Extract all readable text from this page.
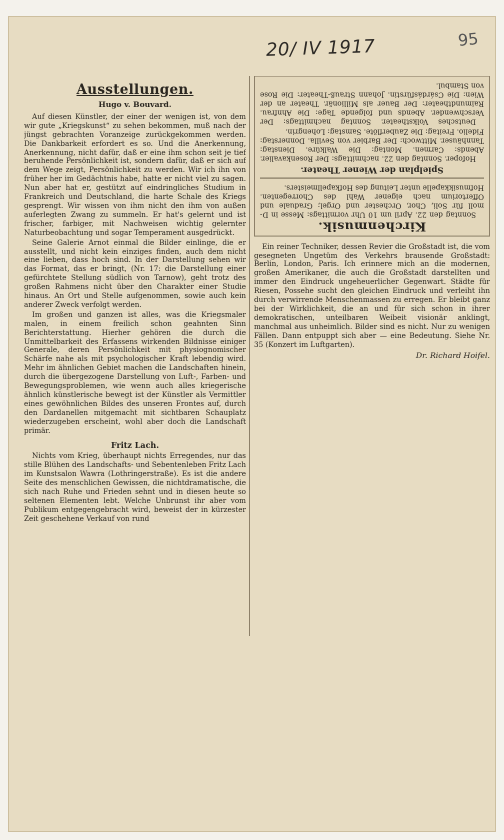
20/ IV 1917	95
Ausstellungen.
Hugo v. Bouvard.

Auf diesen Künstler, der einer der wenigen ist, von dem wir gute „Kriegskunst“ zu sehen bekommen, muß nach der jüngst gebrachten Voranzeige zurückgekommen werden. Die Dankbarkeit erfordert es so. Und die Anerkennung, Anerkennung, nicht dafür, daß er eine ihm schon seit je tief beruhende Persönlichkeit ist, sondern dafür, daß er sich auf dem Wege zeigt, Persönlichkeit zu werden. Wir ich ihn von früher her im Gedächtnis habe, hatte er nicht viel zu sagen. Nun aber hat er, gestützt auf eindringliches Studium in Frankreich und Deutschland, die harte Schale des Kriegs gesprengt. Wir wissen von ihm nicht den ihm von außen auferlegten Zwang zu summeln. Er hat's gelernt und ist frischer, farbiger, mit Nachweisen wichtig gelernter Naturbeobachtung und sogar Temperament ausgedrückt.

Seine Galerie Arnot einmal die Bilder einlinge, die er ausstellt, und nicht kein einziges finden, auch dem nicht eine lieben, dass hoch sind. In der Darstellung sehen wir das Format, das er bringt, (Nr. 17: die Darstellung einer gefürchtete Stellung südlich von Tarnow), geht trotz des großen Rahmens nicht über den Charakter einer Studie hinaus. An Ort und Stelle aufgenommen, sowie auch kein anderer Zweck verfolgt werden.

Im großen und ganzen ist alles, was die Kriegsmaler malen, in einem freilich schon geahnten Sinn Berichterstattung. Hierher gehören die durch die Unmittelbarkeit des Erfassens wirkenden Bildnisse einiger Generale, deren Persönlichkeit mit physiognomischer Schärfe nahe als mit psychologischer Kraft lebendig wird. Mehr im ähnlichen Gebiet machen die Landschaften hinein, durch die übergezogene Darstellung von Luft-, Farben- und Bewegungsproblemen, wie wenn auch alles kriegerische ähnlich künstlerische bewegt ist der Künstler als Vermittler eines gewöhnlichen Bildes des unseren Frontes auf, durch den Dardanellen mitgemacht mit sichtbaren Schauplatz wiederzugeben erscheint, wohl aber doch die Landschaft primär.

Fritz Lach.

Nichts vom Krieg, überhaupt nichts Erregendes, nur das stille Blühen des Landschafts- und Sebentenleben Fritz Lach im Kunstsalon Wawra (Lothringerstraße). Es ist die andere Seite des menschlichen Gewissen, die nichtdramatische, die sich nach Ruhe und Frieden sehnt und in diesen heute so seltenen Elementen lebt. Welche Unbrunst ihr aber vom Publikum entgegengebracht wird, beweist der in kürzester Zeit geschehene Verkauf von rund

Kirchenmusik.

Sonntag den 22. April um 10 Uhr vormittags: Messe in D-moll für Soli, Chor, Orchester und Orgel; Graduale und Offertorium nach eigener Wahl des Chorregenten. Hofmusikkapelle unter Leitung des Hofkapellmeisters.

Spielplan der Wiener Theater.

Hofoper. Sonntag den 22. nachmittags: Der Rosenkavalier. Abends: Carmen. Montag: Die Walküre. Dienstag: Tannhäuser. Mittwoch: Der Barbier von Sevilla. Donnerstag: Fidelio. Freitag: Die Zauberflöte. Samstag: Lohengrin.

Deutsches Volkstheater. Sonntag nachmittags: Der Verschwender. Abends und folgende Tage: Die Ahnfrau. Raimundtheater: Der Bauer als Millionär. Theater an der Wien: Die Csárdásfürstin. Johann Strauß-Theater: Die Rose von Stambul.

Ein reiner Techniker, dessen Revier die Großstadt ist, die vom gesegneten Ungetüm des Verkehrs brausende Großstadt: Berlin, London, Paris. Ich erinnere mich an die modernen, großen Amerikaner, die auch die Großstadt darstellten und immer den Eindruck ungeheuerlicher Gegenwart. Städte für Riesen, Possehe sucht den gleichen Eindruck und verleiht ihn durch verwirrende Menschenmassen zu erregen. Er bleibt ganz bei der Wirklichkeit, die an und für sich schon in ihrer demokratischen, unteilbaren Weibeit visionär anklingt, manchmal aus unheimlich. Bilder sind es nicht. Nur zu wenigen Fällen. Dann entpuppt sich aber — eine Bedeutung. Siehe Nr. 35 (Konzert im Luftgarten).

Dr. Richard Hoifel.
